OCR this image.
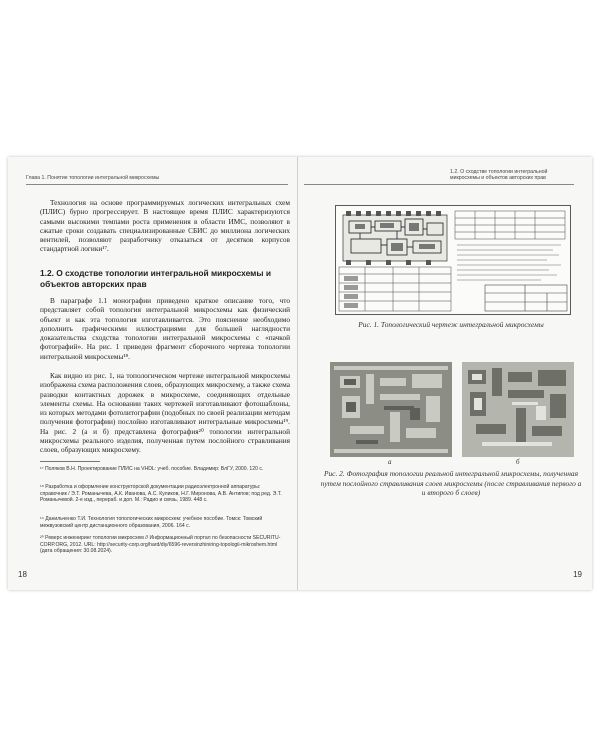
Глава 1. Понятие топологии интегральной микросхемы

Технология на основе программируемых логических интегральных схем (ПЛИС) бурно прогрессирует. В настоящее время ПЛИС характеризуются самыми высокими темпами роста применения в области ИМС, позволяют в сжатые сроки создавать специализированные СБИС до миллиона логических вентилей, позволяют разработчику отказаться от десятков корпусов стандартной логики¹⁷.

1.2. О сходстве топологии интегральной микросхемы и объектов авторских прав

В параграфе 1.1 монографии приведено краткое описание того, что представляет собой топология интегральной микросхемы как физический объект и как эта топология изготавливается. Это пояснение необходимо дополнить графическими иллюстрациями для большей наглядности доказательства сходства топологии интегральной микросхемы с «пачкой фотографий». На рис. 1 приведен фрагмент сборочного чертежа топологии интегральной микросхемы¹⁸.

Как видно из рис. 1, на топологическом чертеже интегральной микросхемы изображена схема расположения слоев, образующих микросхему, а также схема разводки контактных дорожек в микросхеме, соединяющих отдельные элементы схемы. На основании таких чертежей изготавливают фотошаблоны, из которых методами фотолитографии (подобных по своей реализации методам получения фотографии) послойно изготавливают интегральные микросхемы¹⁹. На рис. 2 (а и б) представлена фотография²⁰ топологии интегральной микросхемы реального изделия, полученная путем послойного стравливания слоев, образующих микросхему.

¹⁷ Поляков В.Н. Проектирование ПЛИС на VHDL: учеб. пособие. Владимир: ВлГУ, 2000. 120 с.

¹⁸ Разработка и оформление конструкторской документации радиоэлектронной аппаратуры: справочник / Э.Т. Романычева, А.К. Иванова, А.С. Куликов, Н.Г. Миронова, А.В. Антипов; под ред. Э.Т. Романычевой. 2-е изд., перераб. и доп. М.: Радио и связь, 1989. 448 с.

¹⁹ Данильченко Т.И. Технология топологических микросхем: учебное пособие. Томск: Томский межвузовский центр дистанционного образования, 2006. 164 с.

²⁰ Реверс инжениринг топологии микросхем // Информационный портал по безопасности SECURITU-CORP.ORG, 2012. URL: http://security-corp.org/hard/diy/6596-reversinzhiniring-topologii-mikroshem.html (дата обращения: 30.08.2024).

18
1.2. О сходстве топологии интегральной
микросхемы и объектов авторских прав

Рис. 1. Топологический чертеж интегральной микросхемы

а	б

Рис. 2. Фотография топологии реальной интегральной микросхемы, полученная путем послойного стравливания слоев микросхемы (после стравливания первого а и второго б слоев)

19
